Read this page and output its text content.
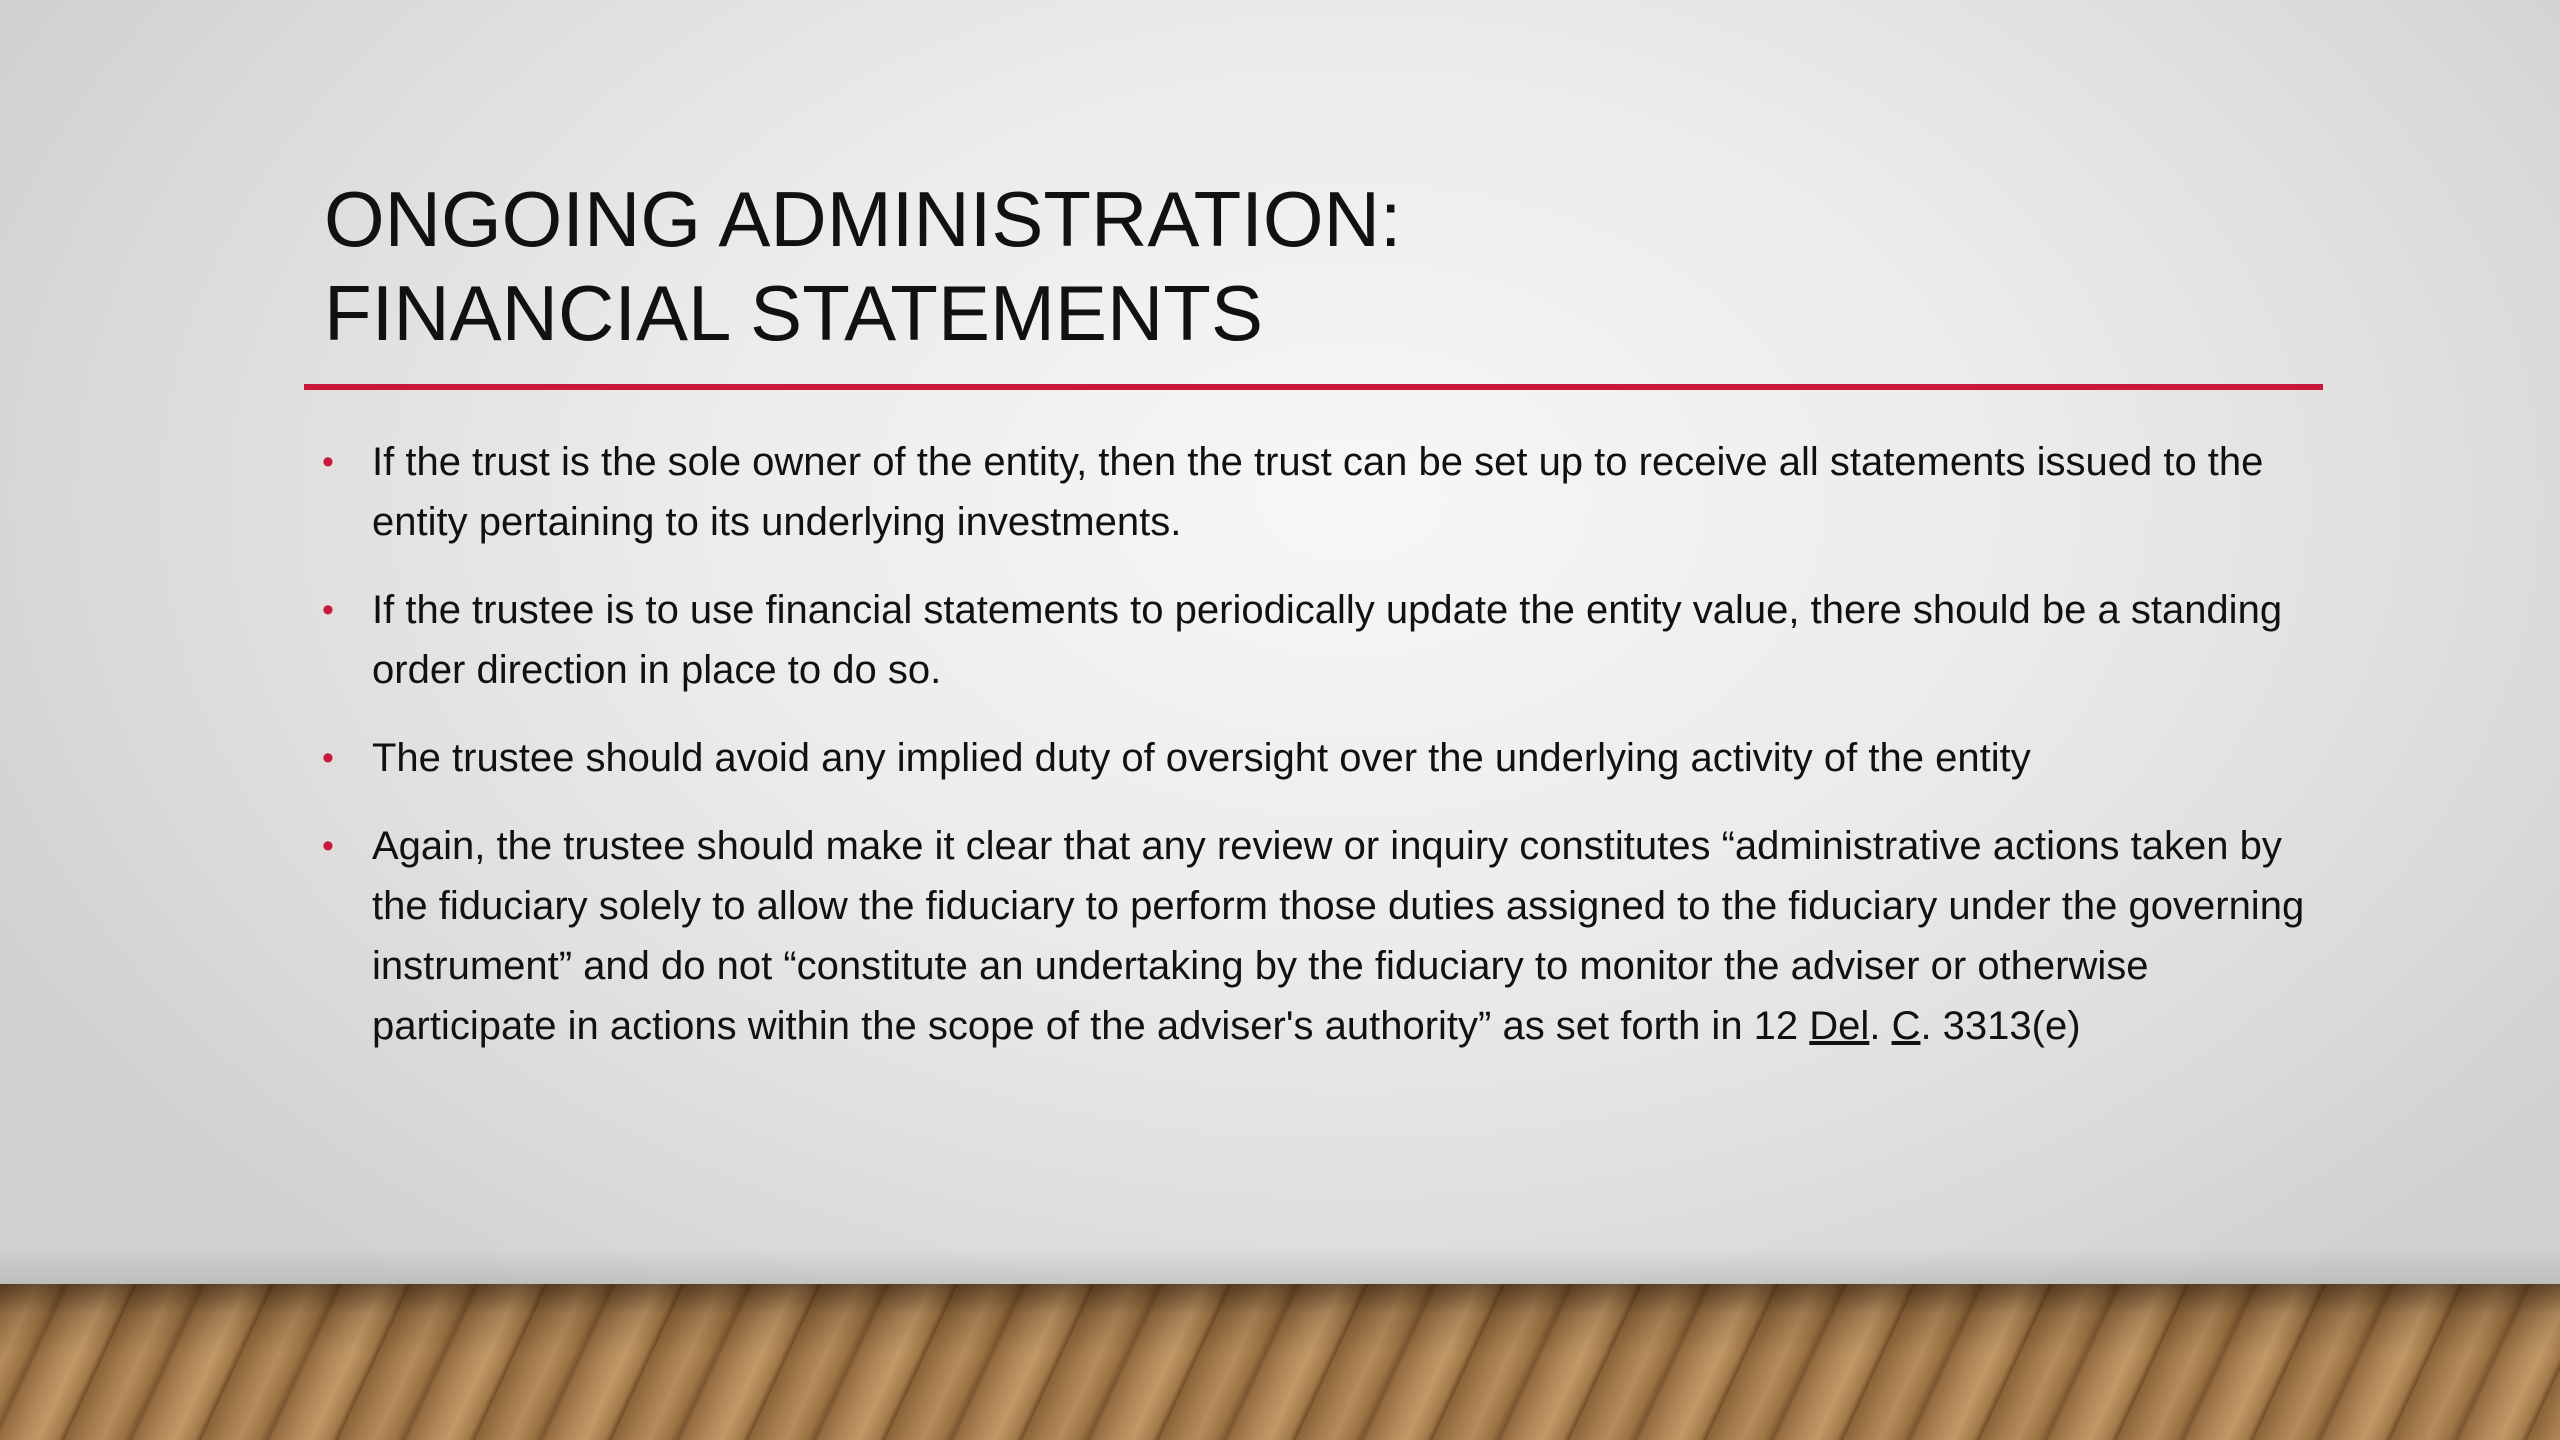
ONGOING ADMINISTRATION:
FINANCIAL STATEMENTS
• If the trust is the sole owner of the entity, then the trust can be set up to receive all statements issued to the entity pertaining to its underlying investments.
• If the trustee is to use financial statements to periodically update the entity value, there should be a standing order direction in place to do so.
• The trustee should avoid any implied duty of oversight over the underlying activity of the entity
• Again, the trustee should make it clear that any review or inquiry constitutes “administrative actions taken by the fiduciary solely to allow the fiduciary to perform those duties assigned to the fiduciary under the governing instrument” and do not “constitute an undertaking by the fiduciary to monitor the adviser or otherwise participate in actions within the scope of the adviser's authority” as set forth in 12 Del. C. 3313(e)
